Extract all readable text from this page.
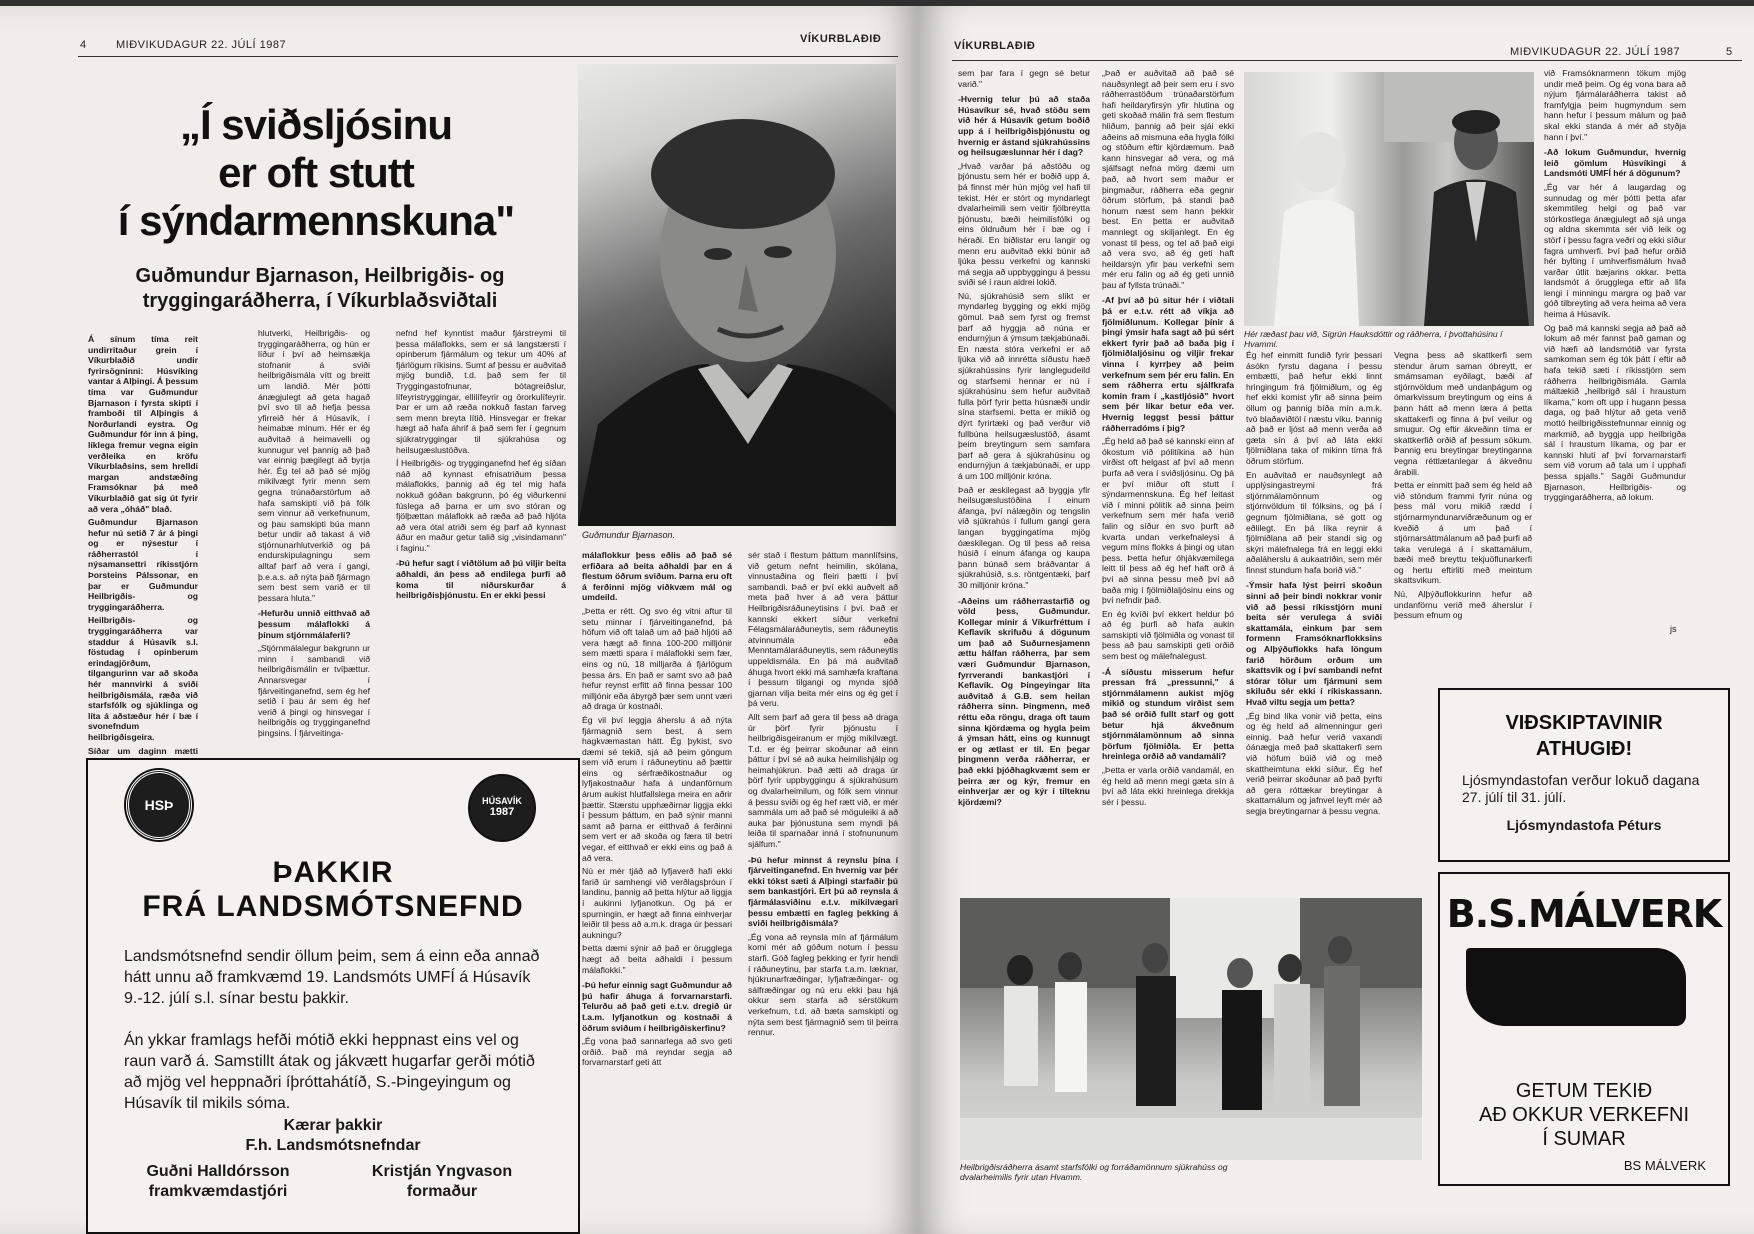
4	MIÐVIKUDAGUR 22. JÚLÍ 1987	VÍKURBLAÐIÐ
„Í sviðsljósinu
er oft stutt
í sýndarmennskuna"
Guðmundur Bjarnason, Heilbrigðis- og
tryggingaráðherra, í Víkurblaðsviðtali
Guðmundur Bjarnason.

Á sínum tíma reit undirritaður grein í Víkurblaðið undir fyrirsögninni: Húsvíking vantar á Alþingi. Á þessum tíma var Guðmundur Bjarnason í fyrsta skipti í framboði til Alþingis á Norðurlandi eystra. Og Guðmundur fór inn á þing, líklega fremur vegna eigin verðleika en kröfu Víkurblaðsins, sem hrelldi margan andstæðing Framsóknar þá með Víkurblaðið gat sig út fyrir að vera „óháð" blað.

Guðmundur Bjarnason hefur nú setið 7 ár á þingi og er nýsestur í ráðherrastól í nýsamansettri ríkisstjórn Þorsteins Pálssonar, en þar er Guðmundur Heilbrigðis- og tryggingaráðherra.

Heilbrigðis- og tryggingaráðherra var staddur á Húsavík s.l. föstudag í opinberum erindagjörðum, tilgangurinn var að skoða hér mannvirki á sviði heilbrigðismála, ræða við starfsfólk og sjúklinga og líta á aðstæður hér í bæ í svonefndum heilbrigðisgeira.

Síðar um daginn mætti

hlutverki, Heilbrigðis- og tryggingaráðherra, og hún er líður í því að heimsækja stofnanir á sviði heilbrigðismála vítt og breitt um landið. Mér þótti ánægjulegt að geta hagað því svo til að hefja þessa yfirreið hér á Húsavík, í heimabæ mínum. Hér er ég auðvitað á heimavelli og kunnugur vel þannig að það var einnig þægilegt að byrja hér. Ég tel að það sé mjög mikilvægt fyrir menn sem gegna trúnaðarstörfum að hafa samskipti við þá fólk sem vinnur að verkefnunum, og þau samskipti búa mann betur undir að takast á við stjórnunarhlutverkið og þá endurskipulagningu sem alltaf þarf að vera í gangi, þ.e.a.s. að nýta það fjármagn sem best sem varið er til þessara hluta."

-Hefurðu unnið eitthvað að þessum málaflokki á þínum stjórnmálaferli?

„Stjórnmálalegur bakgrunn ur minn í sambandi við heilbrigðismálin er tvíþættur. Annarsvegar í fjárveitinganefnd, sem ég hef setið í þau ár sem ég hef verið á þingi og hinsvegar í heilbrigðis og trygginganefnd þingsins. Í fjárveitinga-

nefnd hef kynntist maður fjárstreymi til þessa málaflokks, sem er sá langstærsti í opinberum fjármálum og tekur um 40% af fjárlögum ríkisins. Sumt af þessu er auðvitað mjög bundið, t.d. það sem fer til Tryggingastofnunar, bótagreiðslur, lífeyristryggingar, ellilífeyrir og örorkulífeyrir. Þar er um að ræða nokkuð fastan farveg sem menn breyta lítið. Hinsvegar er frekar hægt að hafa áhrif á það sem fer í gegnum sjúkratryggingar til sjúkrahúsa og heilsugæslustöðva.

Í Heilbrigðis- og trygginganefnd hef ég síðan náð að kynnast efnisatriðum þessa málaflokks, þannig að ég tel mig hafa nokkuð góðan bakgrunn, þó ég viðurkenni fúslega að þarna er um svo stóran og fjölþættan málaflokk að ræða að það hljóta að vera ótal atriði sem ég þarf að kynnast áður en maður getur talið sig „visindamann" í faginu."

-Þú hefur sagt í viðtölum að þú viljir beita aðhaldi, án þess að endilega þurfi að koma til niðurskurðar á heilbrigðisþjónustu. En er ekki þessi

málaflokkur þess eðlis að það sé erfiðara að beita aðhaldi þar en á flestum öðrum sviðum. Þarna eru oft á ferðinni mjög viðkvæm mál og umdeild.

„Þetta er rétt. Og svo ég vitni aftur til setu minnar í fjárveitinganefnd, þá höfum við oft talað um að það hljóti að vera hægt að finna 100-200 milljónir sem mætti spara í málaflokki sem fær, eins og nú, 18 milljarða á fjárlögum þessa árs. En það er samt svo að það hefur reynst erfitt að finna þessar 100 milljónir eða ábyrgð þær sem unnt væri að draga úr kostnaði.

Ég vil því leggja áherslu á að nýta fjármagnið sem best, á sem hagkvæmastan hátt. Ég þykist, svo dæmi sé tekið, sjá að þeim göngum sem við erum í ráðuneytinu að þættir eins og sérfræðikostnaður og lyfjakostnaður hafa á undanförnum árum aukist hlutfallslega meira en aðrir þættir. Stærstu upphæðirnar liggja ekki í þessum þáttum, en það sýnir manni samt að þarna er eitthvað á ferðinni sem vert er að skoða og færa til betri vegar, ef eitthvað er ekki eins og það á að vera.

Nú er mér tjáð að lyfjaverð hafi ekki farið úr samhengi við verðlagsþróun í landinu, þannig að þetta hlýtur að liggja í aukinni lyfjanotkun. Og þá er spurningin, er hægt að finna einhverjar leiðir til þess að a.m.k. draga úr þessari aukningu?

Þetta dæmi sýnir að það er örugglega hægt að beita aðhaldi í þessum málaflokki."

-Þú hefur einnig sagt Guðmundur að þú hafir áhuga á forvarnarstarfi. Telurðu að það geti e.t.v. dregið úr t.a.m. lyfjanotkun og kostnaði á öðrum sviðum í heilbrigðiskerfinu?

„Ég vona það sannarlega að svo geti orðið. Það má reyndar segja að forvarnarstarf geti átt

sér stað í flestum þáttum mannlífsins, við getum nefnt heimilin, skólana, vinnustaðina og fleiri þætti í því sambandi. Það er því ekki auðvelt að meta það hver á að vera þáttur Heilbrigðisráðuneytisins í því. Það er kannski ekkert síður verkefni Félagsmálaráðuneytis, sem ráðuneytis atvinnumála eða Menntamálaráðuneytis, sem ráðuneytis uppeldismála. En þá má auðvitað áhuga hvort ekki má samhæfa kraftana í þessum tilgangi og mynda sjóð gjarnan vilja beita mér eins og ég get í þá veru.

Allt sem þarf að gera til þess að draga úr þörf fyrir þjónustu í heilbrigðisgeiranum er mjög mikilvægt. T.d. er ég þeirrar skoðunar að einn þáttur í því sé að auka heimilishjálp og heimahjúkrun. Það ætti að draga úr þörf fyrir uppbyggingu á sjúkrahúsum og dvalarheimilum, og fólk sem vinnur á þessu sviði og ég hef rætt við, er mér sammála um að það sé möguleiki á að auka þar þjónustuna sem myndi þá leiða til sparnaðar inná í stofnununum sjálfum."

-Þú hefur minnst á reynslu þína í fjárveitinganefnd. En hvernig var þér ekki tókst sæti á Alþingi starfaðir þú sem bankastjóri. Ert þú að reynsla á fjármálasviðinu e.t.v. mikilvægari þessu embætti en fagleg þekking á sviði heilbrigðismála?

„Ég vona að reynsla mín af fjármálum komi mér að góðum notum í þessu starfi. Góð fagleg þekking er fyrir hendi í ráðuneytinu, þar starfa t.a.m. læknar, hjúkrunarfræðingar, lyfjafræðingar- og sálfræðingar og nú eru ekki þau hjá okkur sem starfa að sérstökum verkefnum, t.d. að bæta samskipti og nýta sem best fjármagnið sem til þeirra rennur.

HSÞ	HÚSAVÍK
1987
ÞAKKIR
FRÁ LANDSMÓTSNEFND
Landsmótsnefnd sendir öllum þeim, sem á einn eða annað hátt unnu að framkvæmd 19. Landsmóts UMFÍ á Húsavík 9.-12. júlí s.l. sínar bestu þakkir.
Án ykkar framlags hefði mótið ekki heppnast eins vel og raun varð á. Samstillt átak og jákvætt hugarfar gerði mótið að mjög vel heppnaðri íþróttahátíð, S.-Þingeyingum og Húsavík til mikils sóma.
Kærar þakkir
F.h. Landsmótsnefndar
Guðni Halldórsson
framkvæmdastjóri
Kristján Yngvason
formaður
VÍKURBLAÐIÐ	MIÐVIKUDAGUR 22. JÚLÍ 1987	5

sem þar fara í gegn sé betur varið."

-Hvernig telur þú að staða Húsavíkur sé, hvað stöðu sem við hér á Húsavík getum boðið upp á í heilbrigðisþjónustu og hvernig er ástand sjúkrahússins og heilsugæslunnar hér í dag?

„Hvað varðar þá aðstöðu og þjónustu sem hér er boðið upp á, þá finnst mér hún mjög vel hafi til tekist. Hér er stórt og myndarlegt dvalarheimili sem veitir fjölbreytta þjónustu, bæði heimilisfólki og eins öldruðum hér í bæ og í héraði. En biðlistar eru langir og menn eru auðvitað ekki búnir að ljúka þessu verkefni og kannski má segja að uppbyggingu á þessu sviði sé í raun aldrei lokið.

Nú, sjúkrahúsið sem slíkt er myndarleg bygging og ekki mjög gömul. Það sem fyrst og fremst þarf að hyggja að núna er endurnýjun á ýmsum tækjabúnaði. En næsta stóra verkefni er að ljúka við að innrétta síðustu hæð sjúkrahússins fyrir langlegudeild og starfsemi hennar er nú í sjúkrahúsinu sem hefur auðvitað fulla þörf fyrir þetta húsnæði undir sína starfsemi. Þetta er mikið og dýrt fyrirtæki og það verður við fullbúna heilsugæslustöð, ásamt þeim breytingum sem samfara þarf að gera á sjúkrahúsinu og endurnýjun á tækjabúnaði, er upp á um 100 milljónir króna.

Það er æskilegast að byggja yfir heilsugæslustöðina í einum áfanga, því nálægðin og tengslin við sjúkrahús í fullum gangi gera langan byggingatíma mjög óæskilegan. Og til þess að reisa húsið í einum áfanga og kaupa þann búnað sem bráðvantar á sjúkrahúsið, s.s. röntgentæki, þarf 30 milljónir króna."

-Aðeins um ráðherrastarfið og völd þess, Guðmundur. Kollegar minir á Víkurfréttum í Keflavík skrifuðu á dögunum um það að Suðurnesjamenn ættu hálfan ráðherra, þar sem væri Guðmundur Bjarnason, fyrrverandi bankastjóri í Keflavík. Og Þingeyingar líta auðvitað á G.B. sem heilan ráðherra sinn. Þingmenn, með réttu eða röngu, draga oft taum sinna kjördæma og hygla þeim á ýmsan hátt, eins og kunnugt er og ætlast er til. En þegar þingmenn verða ráðherrar, er það ekki þjóðhagkvæmt sem er þeirra ær og kýr, fremur en einhverjar ær og kýr í tilteknu kjördæmi?

„Það er auðvitað að það sé nauðsynlegt að þeir sem eru í svo ráðherrastöðum trúnaðarstörfum hafi heildaryfirsýn yfir hlutina og geti skoðað málin frá sem flestum hliðum, þannig að þeir sjái ekki aðeins að mismuna eða hygla fólki og stöðum eftir kjördæmum. Það kann hinsvegar að vera, og má sjálfsagt nefna mörg dæmi um það, að hvort sem maður er þingmaður, ráðherra eða gegnir öðrum störfum, þá standi það honum næst sem hann þekkir best. En þetta er auðvitað mannlegt og skiljanlegt. En ég vonast til þess, og tel að það eigi að vera svo, að ég geti haft heildarsýn yfir þau verkefni sem mér eru falin og að ég geti unnið þau af fyllsta trúnaði."

-Af því að þú situr hér í viðtali þá er e.t.v. rétt að víkja að fjölmiðlunum. Kollegar þínir á þingi ýmsir hafa sagt að þú sért ekkert fyrir það að baða þig í fjölmiðlaljósinu og viljir frekar vinna í kyrrþey að þeim verkefnum sem þér eru falin. En sem ráðherra ertu sjálfkrafa komin fram í „kastljósið" hvort sem þér líkar betur eða ver. Hvernig leggst þessi þáttur ráðherradóms í þig?

„Ég held að það sé kannski einn af ókostum við pólitíkina að hún virðist oft helgast af því að menn þurfa að vera í sviðsljósinu. Og þá er því miður oft stutt í sýndarmennskuna. Ég hef leitast við í minni pólitík að sinna þeim verkefnum sem mér hafa verið falin og síður en svo þurft að kvarta undan verkefnaleysi á vegum míns flokks á þingi og utan þess. Þetta hefur óhjákvæmilega leitt til þess að ég hef haft orð á því að sinna þessu með því að baða mig í fjölmiðlaljósinu eins og því nefndir það.

En ég kvíði því ekkert heldur þó að ég þurfi að hafa aukin samskipti við fjölmiðla og vonast til þess að þau samskipti geti orðið sem best og málefnalegust.

-Á síðustu misserum hefur pressan frá „pressunni," á stjórnmálamenn aukist mjög mikið og stundum virðist sem það sé orðið fullt starf og gott betur hjá ákveðnum stjórnmálamönnum að sinna þörfum fjölmiðla. Er þetta hreinlega orðið að vandamáli?

„Þetta er varla orðið vandamál, en ég held að menn megi gæta sín á því að láta ekki hreinlega drekkja sér í þessu.

Hér ræðast þau við, Sigrún Hauksdóttir og ráðherra, í þvottahúsinu í Hvammi.

Ég hef einmitt fundið fyrir þessari ásókn fyrstu dagana í þessu embætti, það hefur ekki linnt hringingum frá fjölmiðlum, og ég hef ekki komist yfir að sinna þeim öllum og þannig bíða mín a.m.k. tvö blaðaviðtöl í næstu viku. Þannig að það er ljóst að menn verða að gæta sín á því að láta ekki fjölmiðlana taka of mikinn tíma frá öðrum störfum.

En auðvitað er nauðsynlegt að upplýsingastreymi frá stjórnmálamönnum og stjórnvöldum til fólksins, og þá í gegnum fjölmiðlana, sé gott og eðlilegt. En þá líka reynir á fjölmiðlana að þeir standi sig og skýri málefnalega frá en leggi ekki aðaláherslu á aukaatriðin, sem mér finnst stundum hafa borið við."

-Ýmsir hafa lýst þeirri skoðun sinni að þeir bindi nokkrar vonir við að þessi ríkisstjórn muni beita sér verulega á sviði skattamála, einkum þar sem formenn Framsóknarflokksins og Alþýðuflokks hafa löngum farið hörðum orðum um skattsvik og í því sambandi nefnt stórar tölur um fjármuni sem skiluðu sér ekki í ríkiskassann. Hvað viltu segja um þetta?

„Ég bind líka vonir við þetta, eins og ég held að almenningur geri einnig. Það hefur verið vaxandi óánægja með það skattakerfi sem við höfum búið við og með skattheimtuna ekki síður. Ég hef verið þeirrar skoðunar að það þyrfti að gera róttækar breytingar á skattamálum og jafnvel leyft mér að segja breytingarnar á þessu vegna.

Vegna þess að skattkerfi sem stendur árum saman óbreytt, er smámsaman eyðilagt, bæði af stjórnvöldum með undanþágum og ómarkvissum breytingum og eins á þann hátt að menn læra á þetta skattakerfi og finna á því veilur og smugur. Og eftir ákveðinn tíma er skattkerfið orðið af þessum sökum. Þannig eru breytingar breytinganna vegna réttlætanlegar á ákveðnu árabili.

Þetta er einmitt það sem ég held að við stöndum frammi fyrir núna og þess mál voru mikið rædd í stjórnarmyndunarviðræðunum og er kveðið á um það í stjórnarsáttmálanum að það þurfi að taka verulega á í skattamálum, bæði með breyttu tekjuöflunarkerfi og hertu eftirliti með meintum skattsvikum.

Nú, Alþýðuflokkurinn hefur að undanförnu verið með áherslur í þessum efnum og

við Framsóknarmenn tökum mjög undir með þeim. Og ég vona bara að nýjum fjármálaráðherra takist að framfylgja þeim hugmyndum sem hann hefur í þessum málum og það skal ekki standa á mér að styðja hann í því."

-Að lokum Guðmundur, hvernig leið gömlum Húsvíkingi á Landsmóti UMFÍ hér á dögunum?

„Ég var hér á laugardag og sunnudag og mér þótti þetta afar skemmtileg helgi og það var stórkostlega ánægjulegt að sjá unga og aldna skemmta sér við leik og störf í þessu fagra veðri og ekki síður fagra umhverfi. Því það hefur orðið hér bylting í umhverfismálum hvað varðar útlit bæjarins okkar. Þetta landsmót á örugglega eftir að lifa lengi í minningu margra og það var góð tilbreyting að vera heima að vera heima á Húsavík.

Og það má kannski segja að það að lokum að mér fannst það gaman og við hæfi að landsmótið var fyrsta samkoman sem ég tók þátt í eftir að hafa tekið sæti í ríkisstjórn sem ráðherra heilbrigðismála. Gamla máltækið „heilbrigð sál í hraustum líkama," kom oft upp í hugann þessa daga, og það hlýtur að geta verið mottó heilbrigðisstefnunnar einnig og markmið, að byggja upp heilbrigða sál í hraustum líkama, og þar er kannski hluti af því forvarnarstarfi sem við vorum að tala um í upphafi þessa spjalls." Sagði Guðmundur Bjarnason, Heilbrigðis- og tryggingaráðherra, að lokum.

js
VIÐSKIPTAVINIR
ATHUGIÐ!
Ljósmyndastofan verður lokuð dagana 27. júlí til 31. júlí.
Ljósmyndastofa Péturs
B.S.MÁLVERK
GETUM TEKIÐ
AÐ OKKUR VERKEFNI
Í SUMAR
BS MÁLVERK
Heilbrigðisráðherra ásamt starfsfólki og forráðamönnum sjúkrahúss og dvalarheimilis fyrir utan Hvamm.
